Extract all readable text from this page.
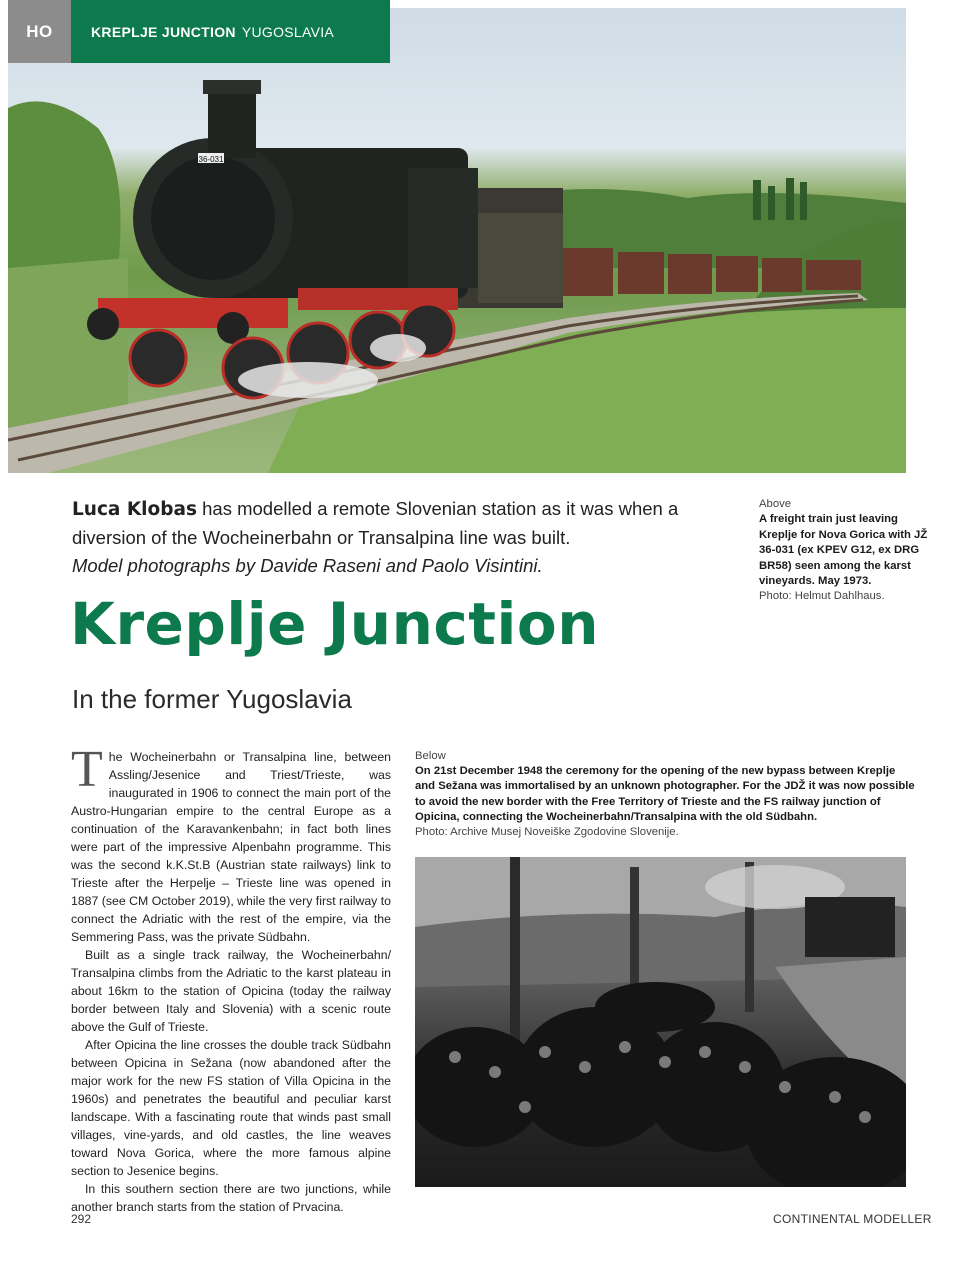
36-031
HO	KREPLJE JUNCTION YUGOSLAVIA
Luca Klobas has modelled a remote Slovenian station as it was when a diversion of the Wocheinerbahn or Transalpina line was built.
Model photographs by Davide Raseni and Paolo Visintini.
Kreplje Junction
In the former Yugoslavia
Above
A freight train just leaving Kreplje for Nova Gorica with JŽ 36-031 (ex KPEV G12, ex DRG BR58) seen among the karst vineyards. May 1973.
Photo: Helmut Dahlhaus.
Below
On 21st December 1948 the ceremony for the opening of the new bypass between Kreplje and Sežana was immortalised by an unknown photographer. For the JDŽ it was now possible to avoid the new border with the Free Territory of Trieste and the FS railway junction of Opicina, connecting the Wocheinerbahn/Transalpina with the old Südbahn.
Photo: Archive Musej Noveiške Zgodovine Slovenije.

The Wocheinerbahn or Transalpina line, between Assling/Jesenice and Triest/Trieste, was inaugurated in 1906 to connect the main port of the Austro-Hungarian empire to the central Europe as a continuation of the Karavankenbahn; in fact both lines were part of the impressive Alpenbahn programme. This was the second k.K.St.B (Austrian state railways) link to Trieste after the Herpelje – Trieste line was opened in 1887 (see CM October 2019), while the very first railway to connect the Adriatic with the rest of the empire, via the Semmering Pass, was the private Südbahn.

Built as a single track railway, the Wocheinerbahn/ Transalpina climbs from the Adriatic to the karst plateau in about 16km to the station of Opicina (today the railway border between Italy and Slovenia) with a scenic route above the Gulf of Trieste.

After Opicina the line crosses the double track Südbahn between Opicina in Sežana (now abandoned after the major work for the new FS station of Villa Opicina in the 1960s) and penetrates the beautiful and peculiar karst landscape. With a fascinating route that winds past small villages, vine-yards, and old castles, the line weaves toward Nova Gorica, where the more famous alpine section to Jesenice begins.

In this southern section there are two junctions, while another branch starts from the station of Prvacina.

292	CONTINENTAL MODELLER
